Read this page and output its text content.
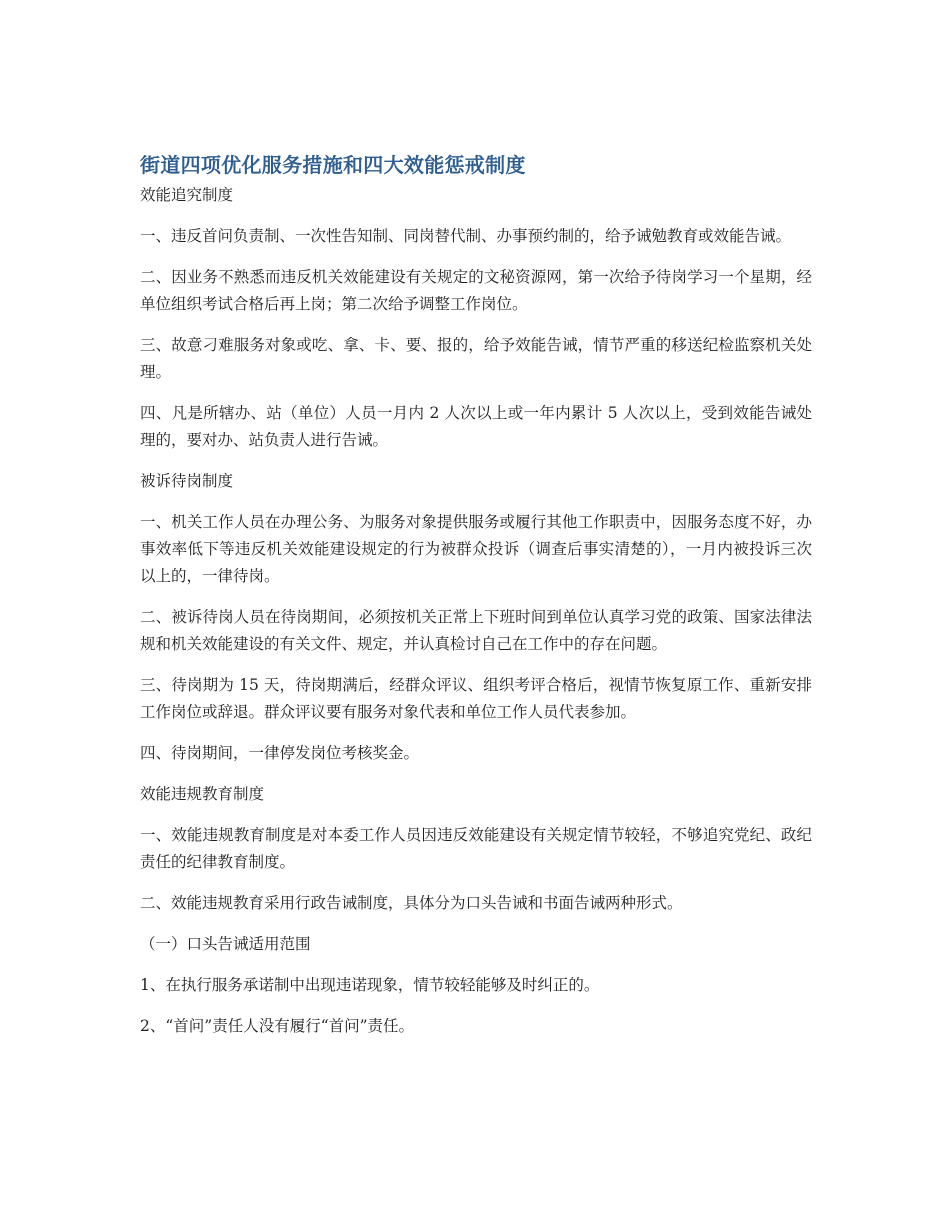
街道四项优化服务措施和四大效能惩戒制度
效能追究制度

一、违反首问负责制、一次性告知制、同岗替代制、办事预约制的，给予诫勉教育或效能告诫。

二、因业务不熟悉而违反机关效能建设有关规定的文秘资源网，第一次给予待岗学习一个星期，经单位组织考试合格后再上岗；第二次给予调整工作岗位。

三、故意刁难服务对象或吃、拿、卡、要、报的，给予效能告诫，情节严重的移送纪检监察机关处理。

四、凡是所辖办、站（单位）人员一月内 2 人次以上或一年内累计 5 人次以上，受到效能告诫处理的，要对办、站负责人进行告诫。

被诉待岗制度

一、机关工作人员在办理公务、为服务对象提供服务或履行其他工作职责中，因服务态度不好，办事效率低下等违反机关效能建设规定的行为被群众投诉（调查后事实清楚的），一月内被投诉三次以上的，一律待岗。

二、被诉待岗人员在待岗期间，必须按机关正常上下班时间到单位认真学习党的政策、国家法律法规和机关效能建设的有关文件、规定，并认真检讨自己在工作中的存在问题。

三、待岗期为 15 天，待岗期满后，经群众评议、组织考评合格后，视情节恢复原工作、重新安排工作岗位或辞退。群众评议要有服务对象代表和单位工作人员代表参加。

四、待岗期间，一律停发岗位考核奖金。

效能违规教育制度

一、效能违规教育制度是对本委工作人员因违反效能建设有关规定情节较轻，不够追究党纪、政纪责任的纪律教育制度。

二、效能违规教育采用行政告诫制度，具体分为口头告诫和书面告诫两种形式。

（一）口头告诫适用范围

1、在执行服务承诺制中出现违诺现象，情节较轻能够及时纠正的。

2、“首问”责任人没有履行“首问”责任。
